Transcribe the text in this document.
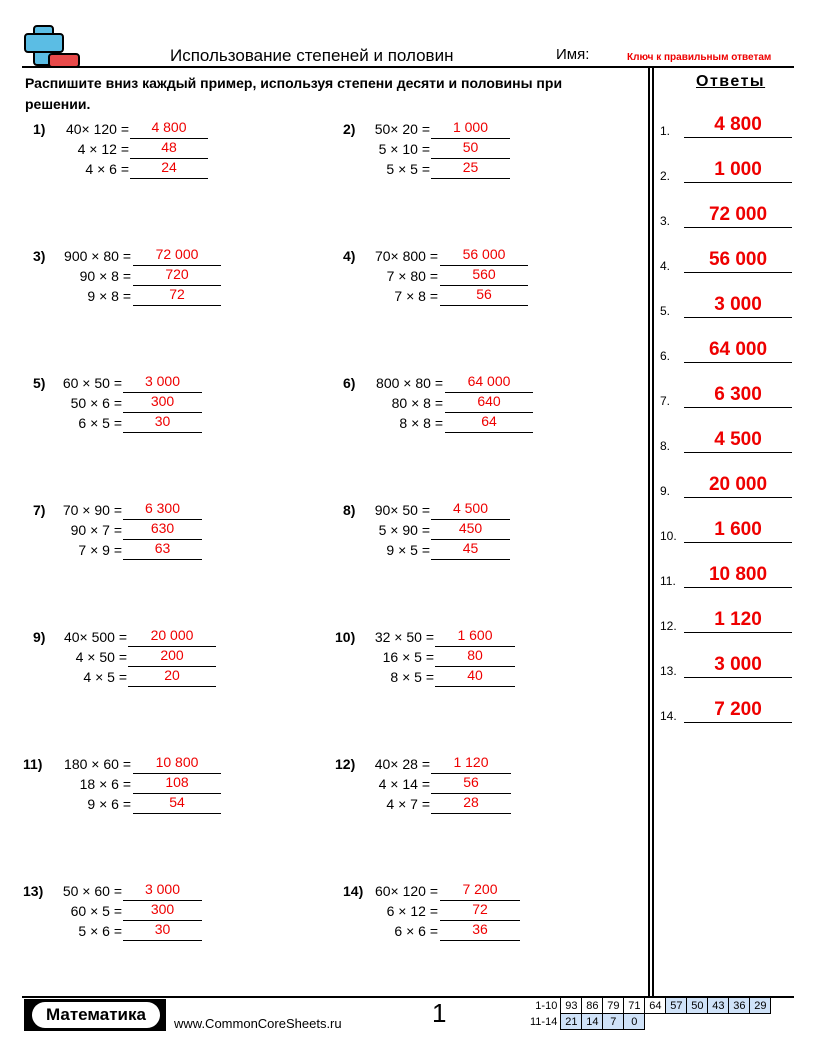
Использование степеней и половин	Имя:	Ключ к правильным ответам
Распишите вниз каждый пример, используя степени десяти и половины при решении.
Ответы
1.	4 800
2.	1 000
3.	72 000
4.	56 000
5.	3 000
6.	64 000
7.	6 300
8.	4 500
9.	20 000
10.	1 600
11.	10 800
12.	1 120
13.	3 000
14.	7 200
1) 40× 120 =	4 800
4 × 12 =	48
4 × 6 =	24
2) 50× 20 =	1 000
5 × 10 =	50
5 × 5 =	25
3) 900 × 80 =	72 000
90 × 8 =	720
9 × 8 =	72
4) 70× 800 =	56 000
7 × 80 =	560
7 × 8 =	56
5) 60 × 50 =	3 000
50 × 6 =	300
6 × 5 =	30
6) 800 × 80 =	64 000
80 × 8 =	640
8 × 8 =	64
7) 70 × 90 =	6 300
90 × 7 =	630
7 × 9 =	63
8) 90× 50 =	4 500
5 × 90 =	450
9 × 5 =	45
9) 40× 500 =	20 000
4 × 50 =	200
4 × 5 =	20
10) 32 × 50 =	1 600
16 × 5 =	80
8 × 5 =	40
11) 180 × 60 =	10 800
18 × 6 =	108
9 × 6 =	54
12) 40× 28 =	1 120
4 × 14 =	56
4 × 7 =	28
13) 50 × 60 =	3 000
60 × 5 =	300
5 × 6 =	30
14) 60× 120 =	7 200
6 × 12 =	72
6 × 6 =	36
Математика	www.CommonCoreSheets.ru	1	1-10	93	86	79	71	64	57	50	43	36	29
11-14	21	14	7	0						
